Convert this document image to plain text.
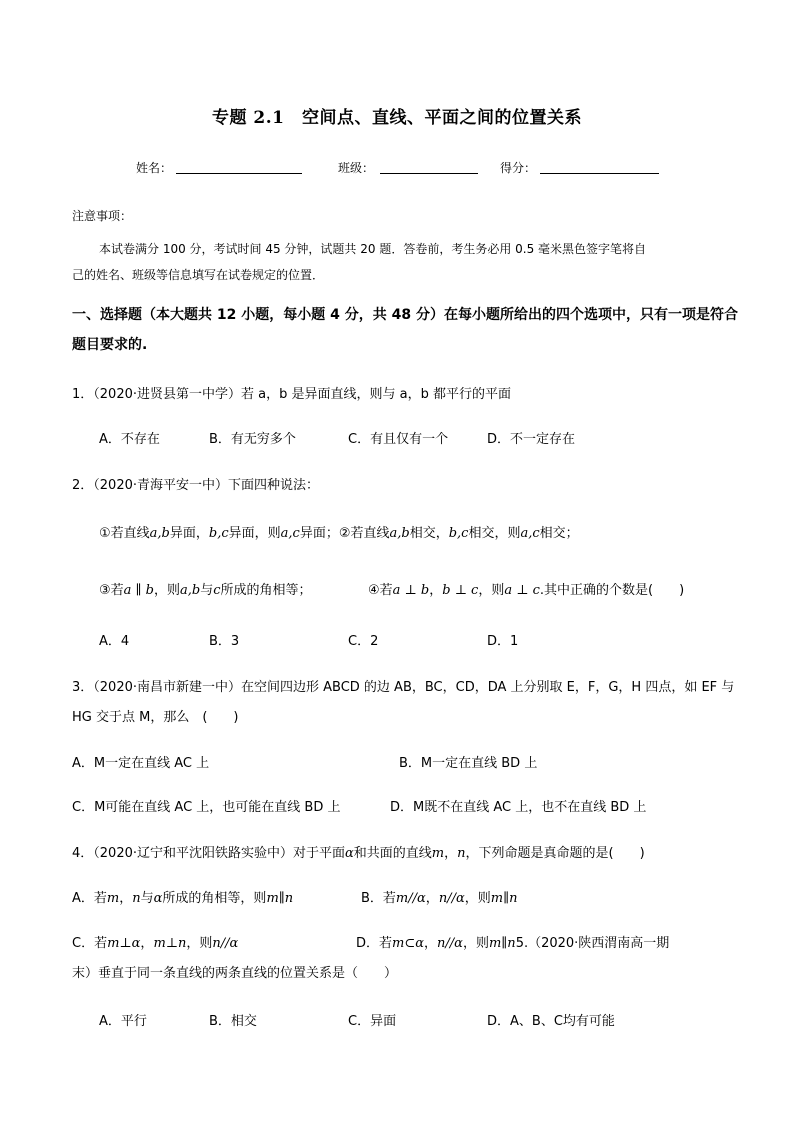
专题 2.1　空间点、直线、平面之间的位置关系
姓名：	班级：	得分：
注意事项：
本试卷满分 100 分，考试时间 45 分钟，试题共 20 题．答卷前，考生务必用 0.5 毫米黑色签字笔将自
己的姓名、班级等信息填写在试卷规定的位置．
一、选择题（本大题共 12 小题，每小题 4 分，共 48 分）在每小题所给出的四个选项中，只有一项是符合
题目要求的.
1．（2020·进贤县第一中学）若 a，b 是异面直线，则与 a，b 都平行的平面
A．不存在	B．有无穷多个	C．有且仅有一个	D．不一定存在
2．（2020·青海平安一中）下面四种说法：
①若直线a,b异面，b,c异面，则a,c异面；②若直线a,b相交，b,c相交，则a,c相交；
③若a ∥ b，则a,b与c所成的角相等；	④若a ⊥ b，b ⊥ c，则a ⊥ c.其中正确的个数是(　　)
A．4	B．3	C．2	D．1
3．（2020·南昌市新建一中）在空间四边形 ABCD 的边 AB，BC，CD，DA 上分别取 E，F，G，H 四点，如 EF 与
HG 交于点 M，那么　(　　)
A．M一定在直线 AC 上	B．M一定在直线 BD 上
C．M可能在直线 AC 上，也可能在直线 BD 上	D．M既不在直线 AC 上，也不在直线 BD 上
4．（2020·辽宁和平沈阳铁路实验中）对于平面α和共面的直线m，n，下列命题是真命题的是(　　)
A．若m，n与α所成的角相等，则m∥n	B．若m//α，n//α，则m∥n
C．若m⊥α，m⊥n，则n//α	D．若m⊂α，n//α，则m∥n5.（2020·陕西渭南高一期
末）垂直于同一条直线的两条直线的位置关系是（　　）
A．平行	B．相交	C．异面	D．A、B、C均有可能
